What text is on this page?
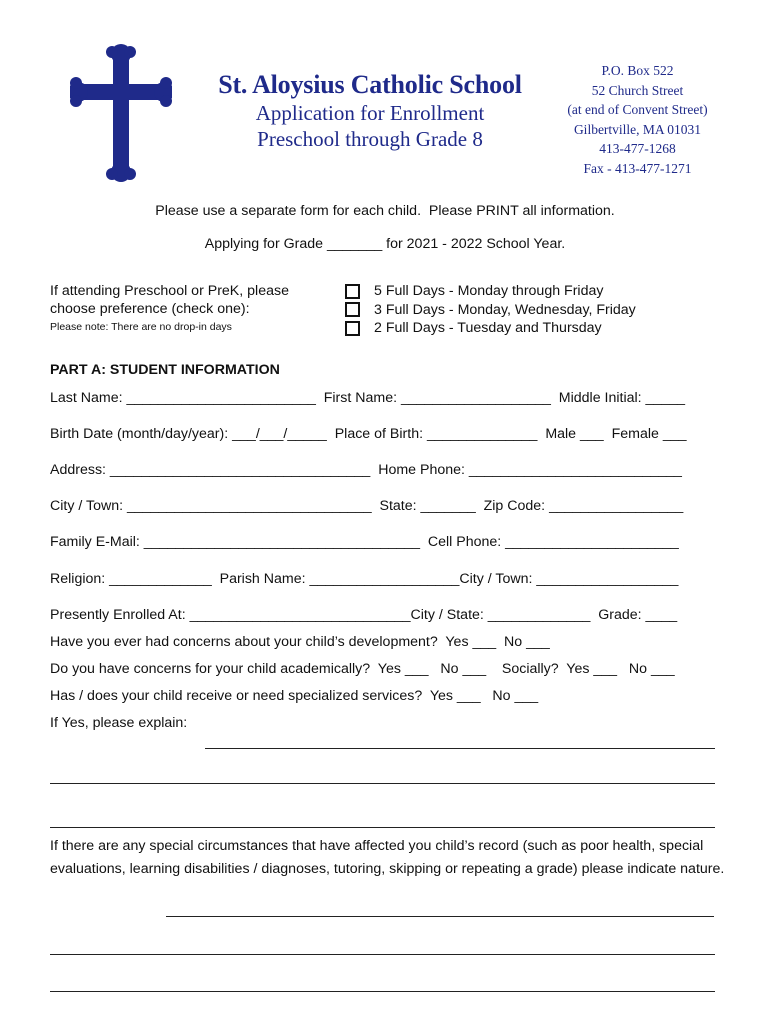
St. Aloysius Catholic School
Application for Enrollment
Preschool through Grade 8
P.O. Box 522
52 Church Street
(at end of Convent Street)
Gilbertville, MA 01031
413-477-1268
Fax - 413-477-1271
Please use a separate form for each child.  Please PRINT all information.
Applying for Grade _______ for 2021 - 2022 School Year.
If attending Preschool or PreK, please
choose preference (check one):
Please note: There are no drop-in days
5 Full Days - Monday through Friday
3 Full Days - Monday, Wednesday, Friday
2 Full Days - Tuesday and Thursday
PART A: STUDENT INFORMATION
Last Name: ________________________  First Name: ___________________  Middle Initial: _____
Birth Date (month/day/year): ___/___/_____  Place of Birth: ______________  Male ___  Female ___
Address: _________________________________  Home Phone: ___________________________
City / Town: _______________________________  State: _______  Zip Code: _________________
Family E-Mail: ___________________________________  Cell Phone: ______________________
Religion: _____________  Parish Name: ___________________City / Town: __________________
Presently Enrolled At: ____________________________City / State: _____________  Grade: ____
Have you ever had concerns about your child’s development?  Yes ___  No ___
Do you have concerns for your child academically?  Yes ___   No ___    Socially?  Yes ___   No ___
Has / does your child receive or need specialized services?  Yes ___   No ___
If Yes, please explain:
If there are any special circumstances that have affected you child’s record (such as poor health, special evaluations, learning disabilities / diagnoses, tutoring, skipping or repeating a grade) please indicate nature.
